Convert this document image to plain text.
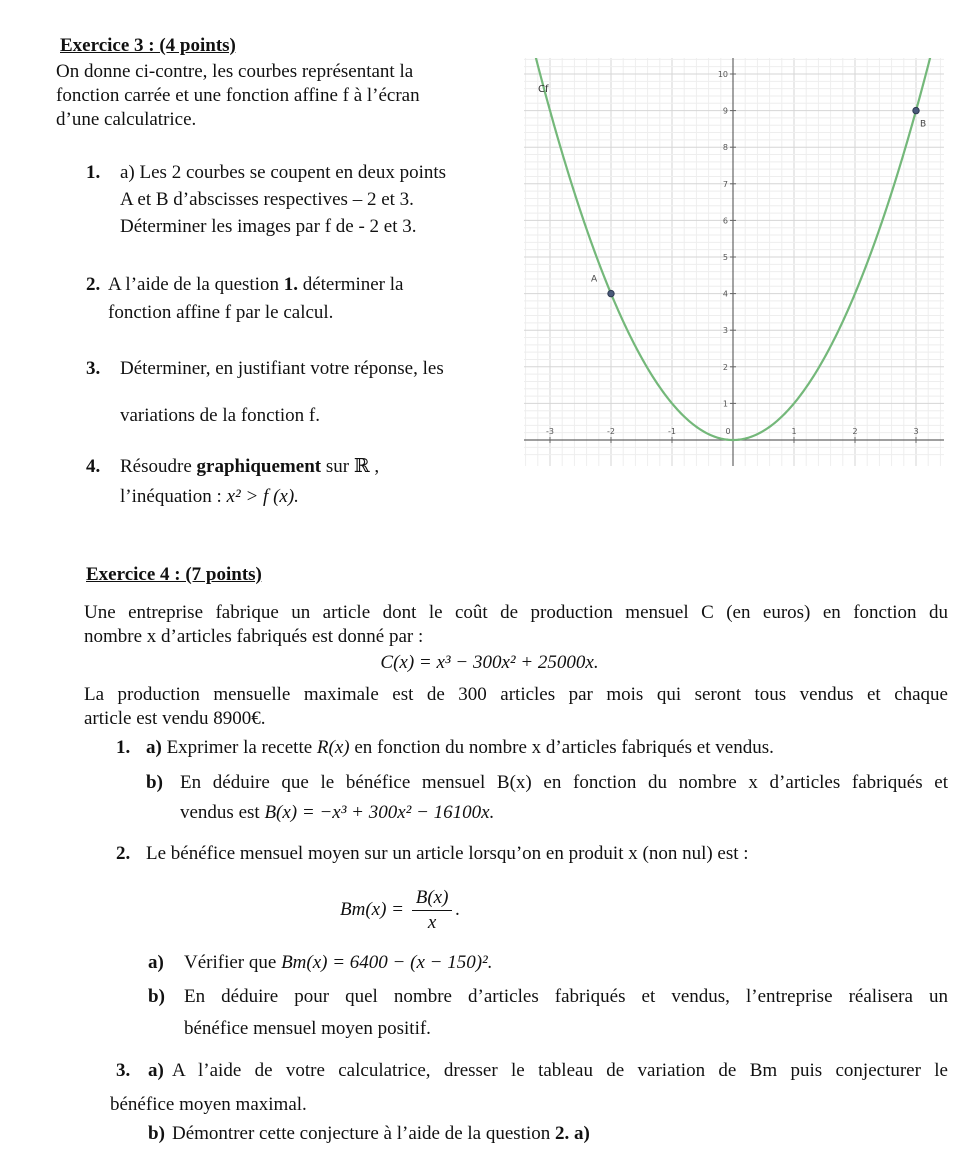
Exercice 3 : (4 points)
On donne ci-contre, les courbes représentant la
fonction carrée et une fonction affine f à l’écran
d’une calculatrice.
1. a) Les 2 courbes se coupent en deux points
A et B d’abscisses respectives – 2 et 3.
Déterminer les images par f de - 2 et 3.
2. A l’aide de la question 1. déterminer la
fonction affine f par le calcul.
3. Déterminer, en justifiant votre réponse, les
variations de la fonction f.
4. Résoudre graphiquement sur ℝ ,
l’inéquation : x² > f (x).
-3	-2	-1	0	1	2	3
1
2
3
4
5
6
7
8
9
10
Cf
A
B
Exercice 4 : (7 points)
Une entreprise fabrique un article dont le coût de production mensuel C (en euros) en fonction du
nombre x d’articles fabriqués est donné par :
C(x) = x³ − 300x² + 25000x.
La production mensuelle maximale est de 300 articles par mois qui seront tous vendus et chaque
article est vendu 8900€.
1. a) Exprimer la recette R(x) en fonction du nombre x d’articles fabriqués et vendus.
b) En déduire que le bénéfice mensuel B(x) en fonction du nombre x d’articles fabriqués et
vendus est B(x) = −x³ + 300x² − 16100x.
2. Le bénéfice mensuel moyen sur un article lorsqu’on en produit x (non nul) est :
$Bm(x) = \frac{B(x)}{x}$ .
a) Vérifier que Bm(x) = 6400 − (x − 150)².
b) En déduire pour quel nombre d’articles fabriqués et vendus, l’entreprise réalisera un
bénéfice mensuel moyen positif.
3. a) A l’aide de votre calculatrice, dresser le tableau de variation de Bm puis conjecturer le
bénéfice moyen maximal.
b) Démontrer cette conjecture à l’aide de la question 2. a)
